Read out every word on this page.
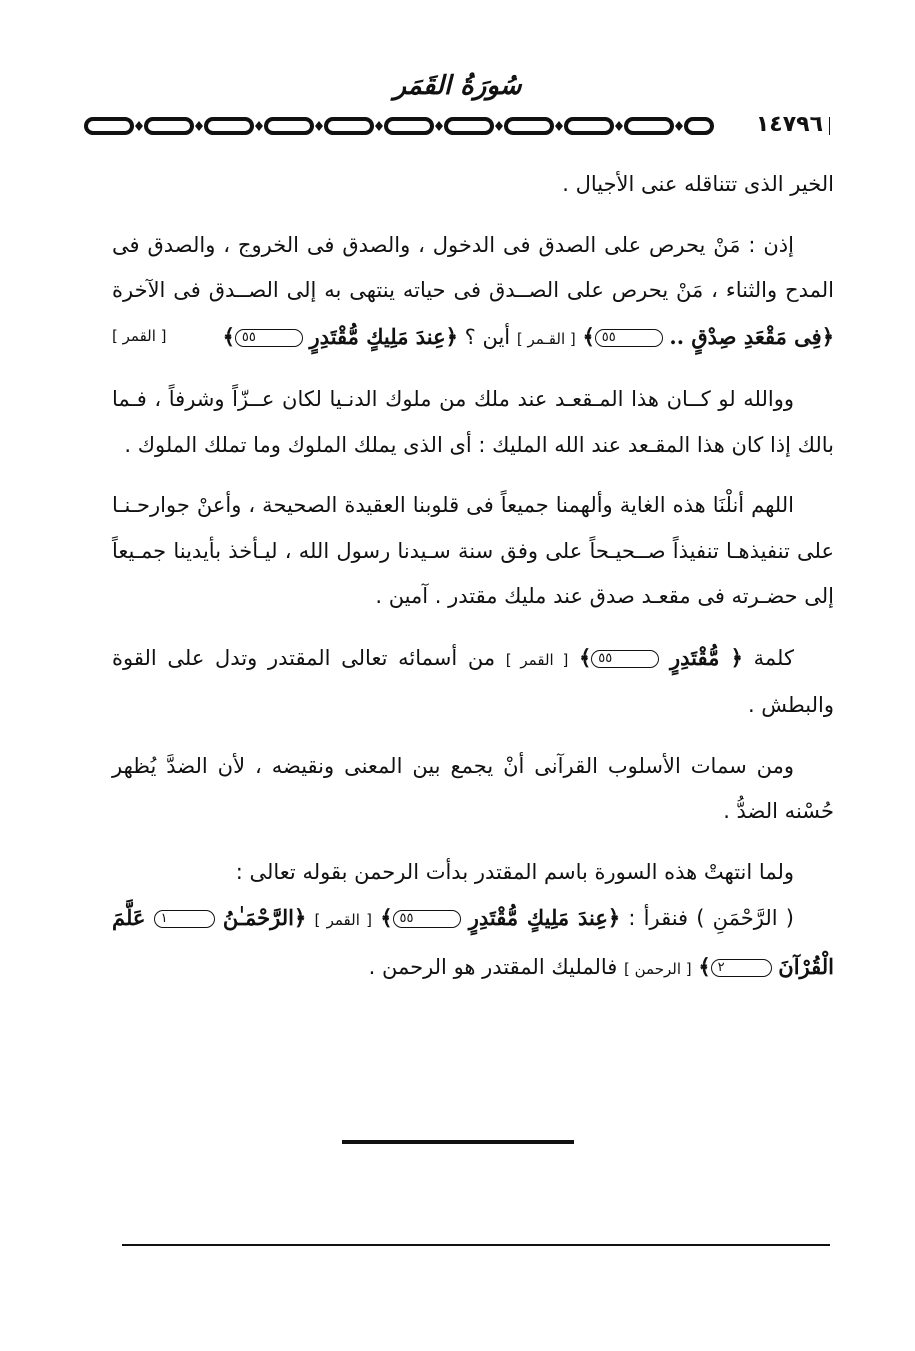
سُورَةُ القَمَر
١٤٧٩٦

الخير الذى تتناقله عنى الأجيال .

إذن : مَنْ يحرص على الصدق فى الدخول ، والصدق فى الخروج ، والصدق فى المدح والثناء ، مَنْ يحرص على الصــدق فى حياته ينتهى به إلى الصــدق فى الآخرة ﴿فِى مَقْعَدِ صِدْقٍ .. ٥٥﴾ [ القـمر ] أين ؟ ﴿عِندَ مَلِيكٍ مُّقْتَدِرٍ ٥٥﴾
[ القمر ]

ووالله لو كــان هذا المـقعـد عند ملك من ملوك الدنـيا لكان عــزّاً وشرفاً ، فـما بالك إذا كان هذا المقـعد عند الله المليك : أى الذى يملك الملوك وما تملك الملوك .

اللهم أنلْنَا هذه الغاية وألهمنا جميعاً فى قلوبنا العقيدة الصحيحة ، وأعنْ جوارحـنـا على تنفيذهـا تنفيذاً صــحيـحاً على وفق سنة سـيدنا رسول الله ، ليـأخذ بأيدينا جمـيعاً إلى حضـرته فى مقعـد صدق عند مليك مقتدر . آمين .

كلمة ﴿ مُّقْتَدِرٍ ٥٥﴾ [ القمر ] من أسمائه تعالى المقتدر وتدل على القوة والبطش .

ومن سمات الأسلوب القرآنى أنْ يجمع بين المعنى ونقيضه ، لأن الضدَّ يُظهر حُسْنه الضدُّ .

ولما انتهتْ هذه السورة باسم المقتدر بدأت الرحمن بقوله تعالى :

( الرَّحْمَنِ ) فنقرأ : ﴿عِندَ مَلِيكٍ مُّقْتَدِرٍ ٥٥﴾ [ القمر ] ﴿الرَّحْمَـٰنُ ١ عَلَّمَ الْقُرْآنَ ٢﴾ [ الرحمن ] فالمليك المقتدر هو الرحمن .
